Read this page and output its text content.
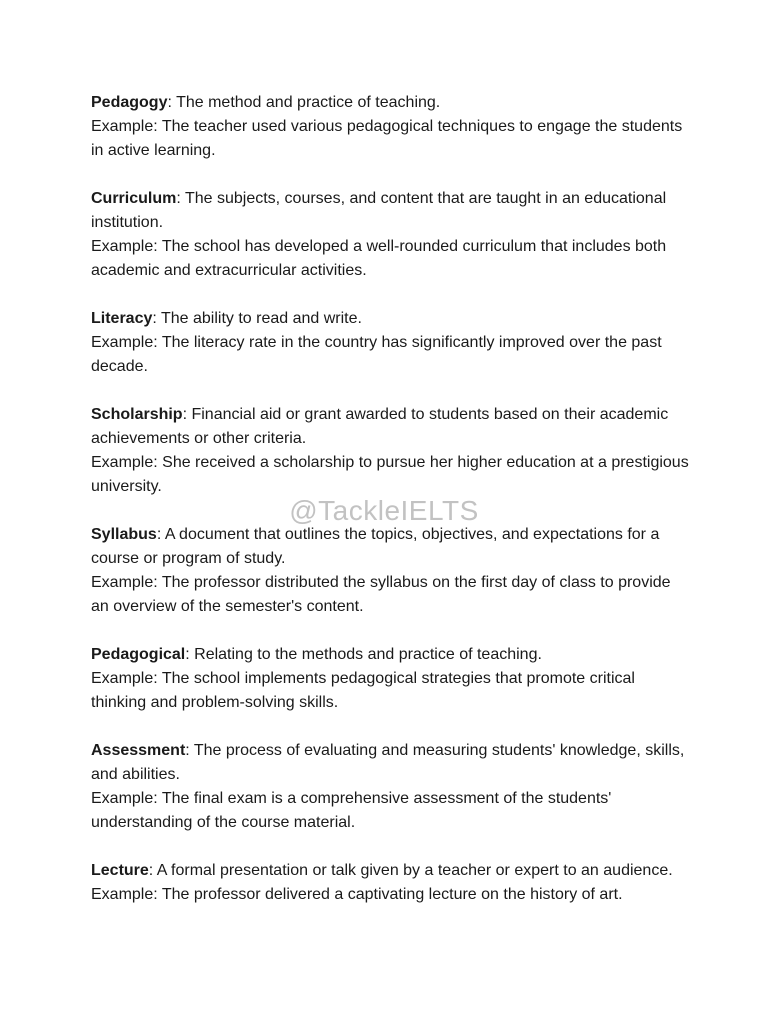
Pedagogy: The method and practice of teaching.

Example: The teacher used various pedagogical techniques to engage the students in active learning.

Curriculum: The subjects, courses, and content that are taught in an educational institution.

Example: The school has developed a well-rounded curriculum that includes both academic and extracurricular activities.

Literacy: The ability to read and write.

Example: The literacy rate in the country has significantly improved over the past decade.

Scholarship: Financial aid or grant awarded to students based on their academic achievements or other criteria.

Example: She received a scholarship to pursue her higher education at a prestigious university.

Syllabus: A document that outlines the topics, objectives, and expectations for a course or program of study.

Example: The professor distributed the syllabus on the first day of class to provide an overview of the semester's content.

Pedagogical: Relating to the methods and practice of teaching.

Example: The school implements pedagogical strategies that promote critical thinking and problem-solving skills.

Assessment: The process of evaluating and measuring students' knowledge, skills, and abilities.

Example: The final exam is a comprehensive assessment of the students' understanding of the course material.

Lecture: A formal presentation or talk given by a teacher or expert to an audience.

Example: The professor delivered a captivating lecture on the history of art.

@TackleIELTS
